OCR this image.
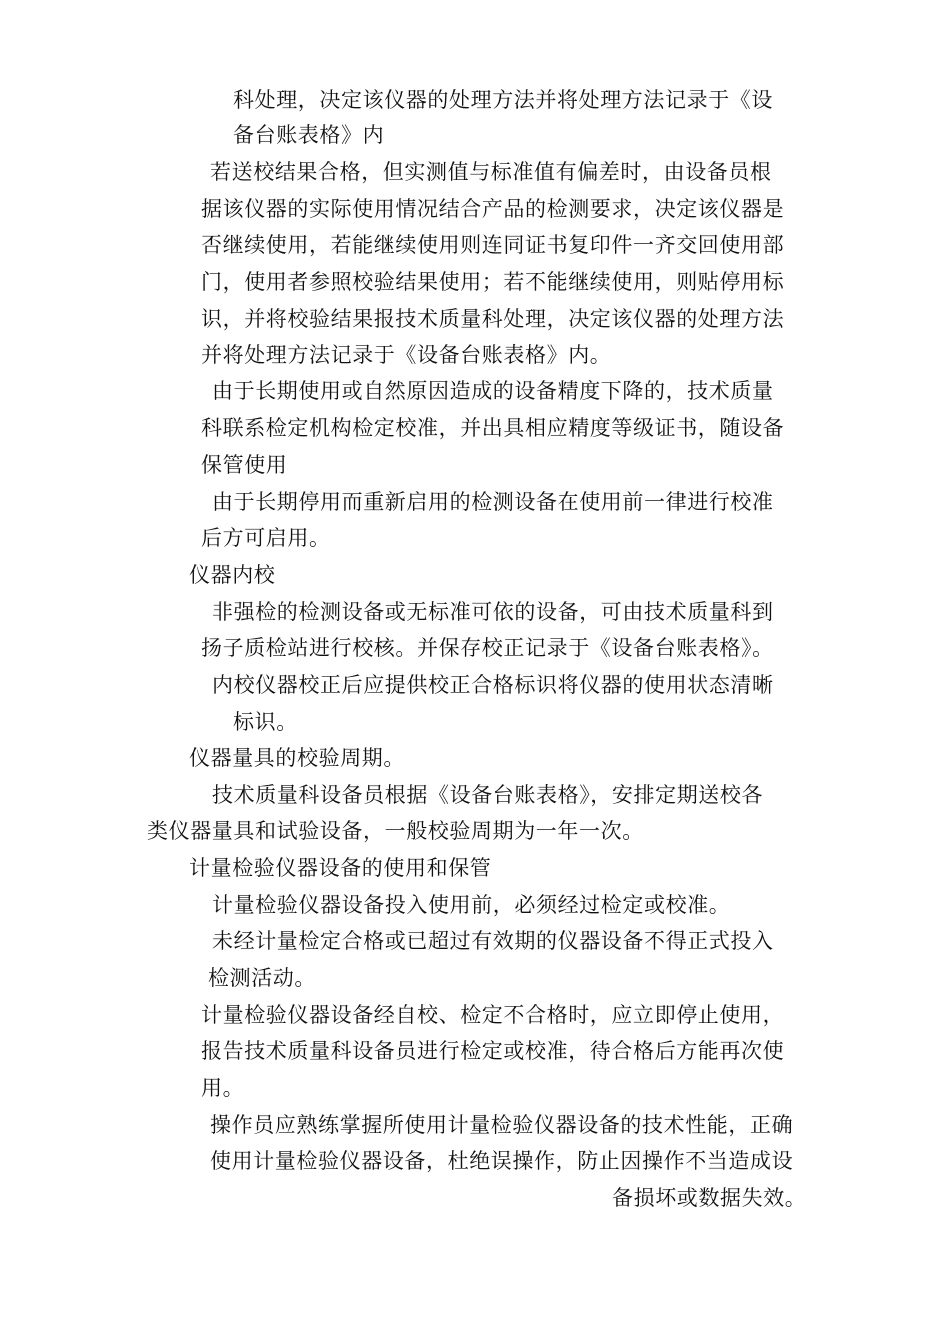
科处理，决定该仪器的处理方法并将处理方法记录于《设
备台账表格》内
若送校结果合格，但实测值与标准值有偏差时，由设备员根
据该仪器的实际使用情况结合产品的检测要求，决定该仪器是
否继续使用，若能继续使用则连同证书复印件一齐交回使用部
门，使用者参照校验结果使用；若不能继续使用，则贴停用标
识，并将校验结果报技术质量科处理，决定该仪器的处理方法
并将处理方法记录于《设备台账表格》内。
由于长期使用或自然原因造成的设备精度下降的，技术质量
科联系检定机构检定校准，并出具相应精度等级证书，随设备
保管使用
由于长期停用而重新启用的检测设备在使用前一律进行校准
后方可启用。
仪器内校
非强检的检测设备或无标准可依的设备，可由技术质量科到
扬子质检站进行校核。并保存校正记录于《设备台账表格》。
内校仪器校正后应提供校正合格标识将仪器的使用状态清晰
标识。
仪器量具的校验周期。
技术质量科设备员根据《设备台账表格》，安排定期送校各
类仪器量具和试验设备，一般校验周期为一年一次。
计量检验仪器设备的使用和保管
计量检验仪器设备投入使用前，必须经过检定或校准。
未经计量检定合格或已超过有效期的仪器设备不得正式投入
检测活动。
计量检验仪器设备经自校、检定不合格时，应立即停止使用，
报告技术质量科设备员进行检定或校准，待合格后方能再次使
用。
操作员应熟练掌握所使用计量检验仪器设备的技术性能，正确
使用计量检验仪器设备，杜绝误操作，防止因操作不当造成设
备损坏或数据失效。
